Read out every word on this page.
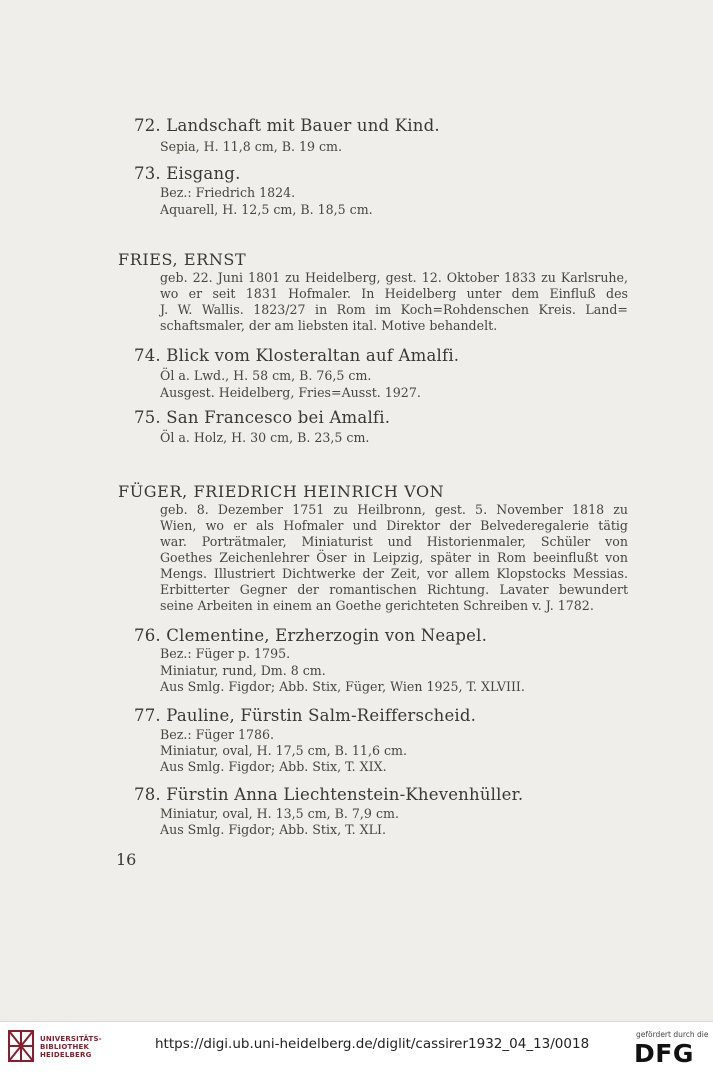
72. Landschaft mit Bauer und Kind.
Sepia, H. 11,8 cm, B. 19 cm.
73. Eisgang.
Bez.: Friedrich 1824.
Aquarell, H. 12,5 cm, B. 18,5 cm.
FRIES, ERNST
geb. 22. Juni 1801 zu Heidelberg, gest. 12. Oktober 1833 zu Karlsruhe,
wo er seit 1831 Hofmaler. In Heidelberg unter dem Einfluß des
J. W. Wallis. 1823/27 in Rom im Koch=Rohdenschen Kreis. Land=
schaftsmaler, der am liebsten ital. Motive behandelt.
74. Blick vom Klosteraltan auf Amalfi.
Öl a. Lwd., H. 58 cm, B. 76,5 cm.
Ausgest. Heidelberg, Fries=Ausst. 1927.
75. San Francesco bei Amalfi.
Öl a. Holz, H. 30 cm, B. 23,5 cm.
FÜGER, FRIEDRICH HEINRICH VON
geb. 8. Dezember 1751 zu Heilbronn, gest. 5. November 1818 zu
Wien, wo er als Hofmaler und Direktor der Belvederegalerie tätig
war. Porträtmaler, Miniaturist und Historienmaler, Schüler von
Goethes Zeichenlehrer Öser in Leipzig, später in Rom beeinflußt von
Mengs. Illustriert Dichtwerke der Zeit, vor allem Klopstocks Messias.
Erbitterter Gegner der romantischen Richtung. Lavater bewundert
seine Arbeiten in einem an Goethe gerichteten Schreiben v. J. 1782.
76. Clementine, Erzherzogin von Neapel.
Bez.: Füger p. 1795.
Miniatur, rund, Dm. 8 cm.
Aus Smlg. Figdor; Abb. Stix, Füger, Wien 1925, T. XLVIII.
77. Pauline, Fürstin Salm-Reifferscheid.
Bez.: Füger 1786.
Miniatur, oval, H. 17,5 cm, B. 11,6 cm.
Aus Smlg. Figdor; Abb. Stix, T. XIX.
78. Fürstin Anna Liechtenstein-Khevenhüller.
Miniatur, oval, H. 13,5 cm, B. 7,9 cm.
Aus Smlg. Figdor; Abb. Stix, T. XLI.
16
UNIVERSITÄTS-
BIBLIOTHEK
HEIDELBERG
https://digi.ub.uni-heidelberg.de/diglit/cassirer1932_04_13/0018
gefördert durch die
DFG
